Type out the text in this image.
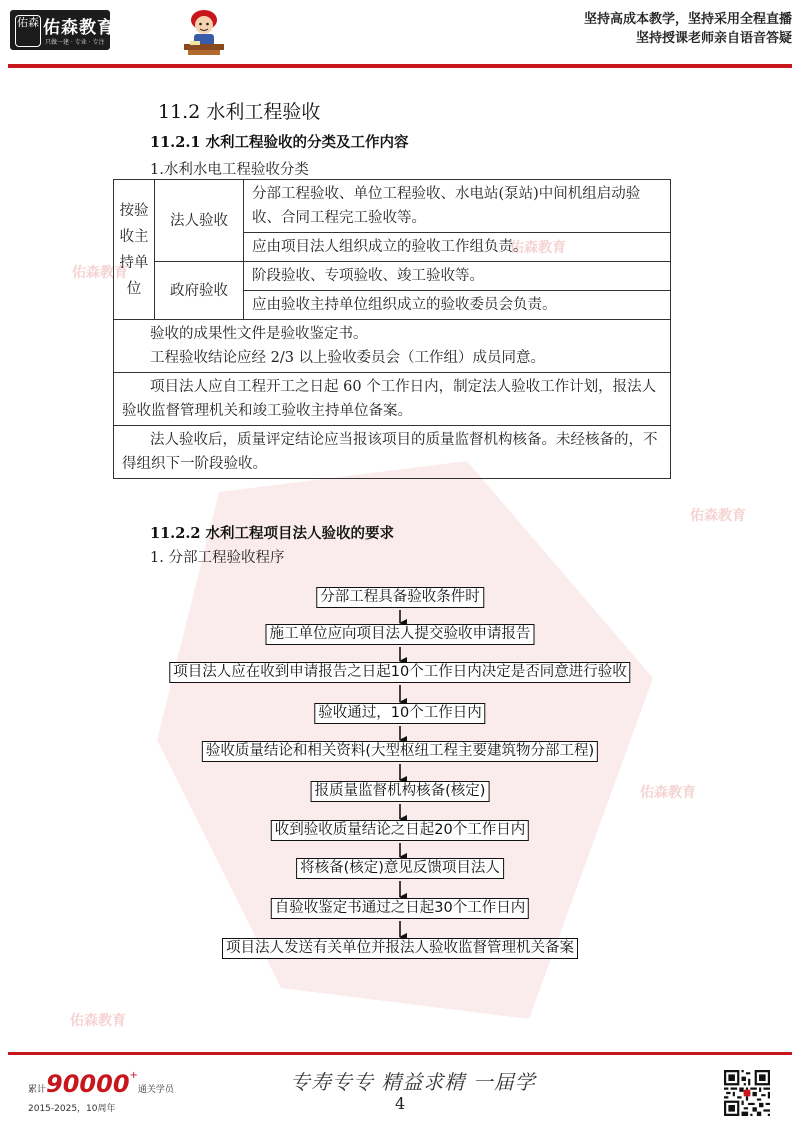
佑森 佑森教育
只做一建 · 专业 · 专注
坚持高成本教学，坚持采用全程直播
坚持授课老师亲自语音答疑
佑森教育
佑森教育
佑森教育
佑森教育
佑森教育
11.2 水利工程验收
11.2.1 水利工程验收的分类及工作内容
1.水利水电工程验收分类
按验收主持单位	法人验收	分部工程验收、单位工程验收、水电站(泵站)中间机组启动验收、合同工程完工验收等。
		应由项目法人组织成立的验收工作组负责。
	政府验收	阶段验收、专项验收、竣工验收等。
		应由验收主持单位组织成立的验收委员会负责。

验收的成果性文件是验收鉴定书。
工程验收结论应经 2/3 以上验收委员会（工作组）成员同意。		

项目法人应自工程开工之日起 60 个工作日内，制定法人验收工作计划，报法人验收监督管理机关和竣工验收主持单位备案。		
法人验收后，质量评定结论应当报该项目的质量监督机构核备。未经核备的，不得组织下一阶段验收。		
11.2.2 水利工程项目法人验收的要求
1. 分部工程验收程序
分部工程具备验收条件时
施工单位应向项目法人提交验收申请报告
项目法人应在收到申请报告之日起10个工作日内决定是否同意进行验收
验收通过，10个工作日内
验收质量结论和相关资料(大型枢纽工程主要建筑物分部工程)
报质量监督机构核备(核定)
收到验收质量结论之日起20个工作日内
将核备(核定)意见反馈项目法人
自验收鉴定书通过之日起30个工作日内
项目法人发送有关单位并报法人验收监督管理机关备案
累计90000+通关学员
2015-2025，10周年
专寿专专 精益求精 一届学
4
